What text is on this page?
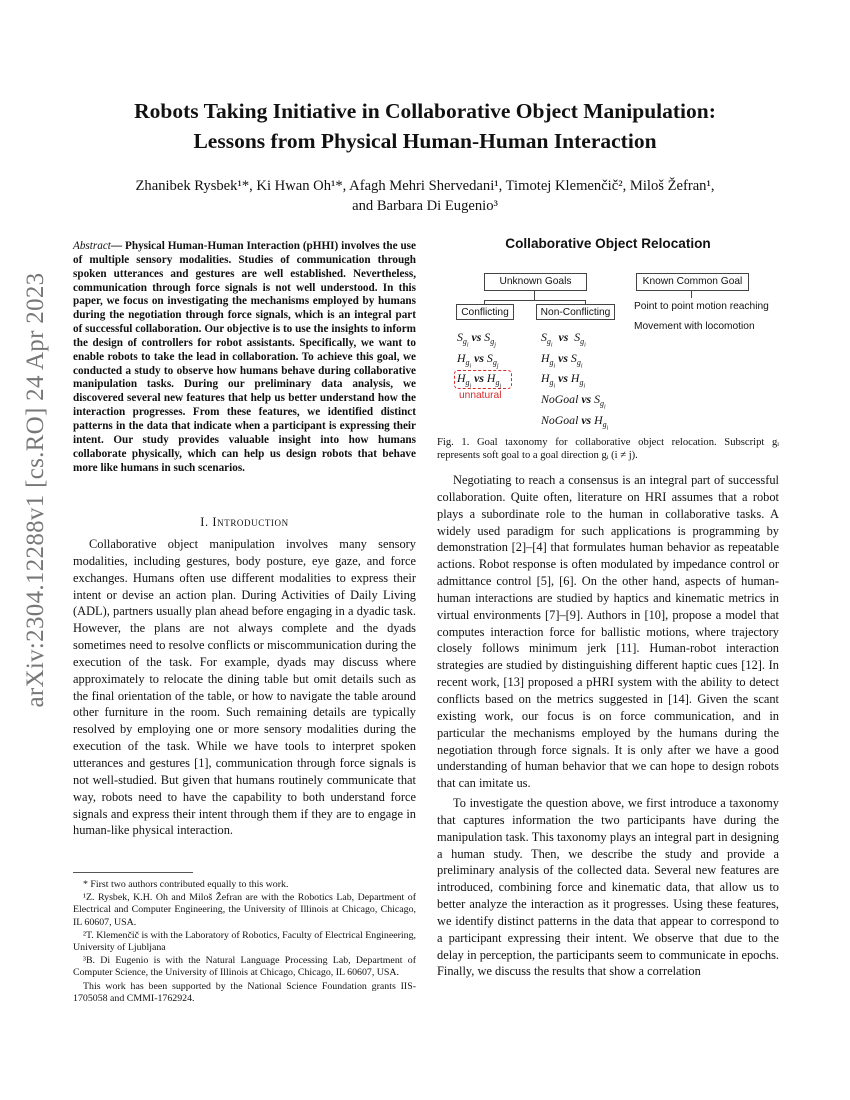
arXiv:2304.12288v1 [cs.RO] 24 Apr 2023
Robots Taking Initiative in Collaborative Object Manipulation:
Lessons from Physical Human-Human Interaction
Zhanibek Rysbek¹*, Ki Hwan Oh¹*, Afagh Mehri Shervedani¹, Timotej Klemenčič², Miloš Žefran¹,
and Barbara Di Eugenio³
Abstract— Physical Human-Human Interaction (pHHI) involves the use of multiple sensory modalities. Studies of communication through spoken utterances and gestures are well established. Nevertheless, communication through force signals is not well understood. In this paper, we focus on investigating the mechanisms employed by humans during the negotiation through force signals, which is an integral part of successful collaboration. Our objective is to use the insights to inform the design of controllers for robot assistants. Specifically, we want to enable robots to take the lead in collaboration. To achieve this goal, we conducted a study to observe how humans behave during collaborative manipulation tasks. During our preliminary data analysis, we discovered several new features that help us better understand how the interaction progresses. From these features, we identified distinct patterns in the data that indicate when a participant is expressing their intent. Our study provides valuable insight into how humans collaborate physically, which can help us design robots that behave more like humans in such scenarios.
I. Introduction

Collaborative object manipulation involves many sensory modalities, including gestures, body posture, eye gaze, and force exchanges. Humans often use different modalities to express their intent or devise an action plan. During Activities of Daily Living (ADL), partners usually plan ahead before engaging in a dyadic task. However, the plans are not always complete and the dyads sometimes need to resolve conflicts or miscommunication during the execution of the task. For example, dyads may discuss where approximately to relocate the dining table but omit details such as the final orientation of the table, or how to navigate the table around other furniture in the room. Such remaining details are typically resolved by employing one or more sensory modalities during the execution of the task. While we have tools to interpret spoken utterances and gestures [1], communication through force signals is not well-studied. But given that humans routinely communicate that way, robots need to have the capability to both understand force signals and express their intent through them if they are to engage in human-like physical interaction.

* First two authors contributed equally to this work.

¹Z. Rysbek, K.H. Oh and Miloš Žefran are with the Robotics Lab, Department of Electrical and Computer Engineering, the University of Illinois at Chicago, Chicago, IL 60607, USA.

²T. Klemenčič is with the Laboratory of Robotics, Faculty of Electrical Engineering, University of Ljubljana

³B. Di Eugenio is with the Natural Language Processing Lab, Department of Computer Science, the University of Illinois at Chicago, Chicago, IL 60607, USA.

This work has been supported by the National Science Foundation grants IIS-1705058 and CMMI-1762924.

Collaborative Object Relocation
Unknown Goals	Known Common Goal
Conflicting	Non-Conflicting
Point to point motion reaching
Movement with locomotion
$S_{g_i}$ vs $S_{g_j}$
$H_{g_i}$ vs $S_{g_j}$
$H_{g_i}$ vs $H_{g_j}$
unnatural
$S_{g_i}$  vs  $S_{g_i}$
$H_{g_i}$ vs $S_{g_i}$
$H_{g_i}$ vs $H_{g_i}$
NoGoal vs $S_{g_i}$
NoGoal vs $H_{g_i}$
Fig. 1. Goal taxonomy for collaborative object relocation. Subscript gᵢ represents soft goal to a goal direction gᵢ (i ≠ j).

Negotiating to reach a consensus is an integral part of successful collaboration. Quite often, literature on HRI assumes that a robot plays a subordinate role to the human in collaborative tasks. A widely used paradigm for such applications is programming by demonstration [2]–[4] that formulates human behavior as repeatable actions. Robot response is often modulated by impedance control or admittance control [5], [6]. On the other hand, aspects of human-human interactions are studied by haptics and kinematic metrics in virtual environments [7]–[9]. Authors in [10], propose a model that computes interaction force for ballistic motions, where trajectory closely follows minimum jerk [11]. Human-robot interaction strategies are studied by distinguishing different haptic cues [12]. In recent work, [13] proposed a pHRI system with the ability to detect conflicts based on the metrics suggested in [14]. Given the scant existing work, our focus is on force communication, and in particular the mechanisms employed by the humans during the negotiation through force signals. It is only after we have a good understanding of human behavior that we can hope to design robots that can imitate us.

To investigate the question above, we first introduce a taxonomy that captures information the two participants have during the manipulation task. This taxonomy plays an integral part in designing a human study. Then, we describe the study and provide a preliminary analysis of the collected data. Several new features are introduced, combining force and kinematic data, that allow us to better analyze the interaction as it progresses. Using these features, we identify distinct patterns in the data that appear to correspond to a participant expressing their intent. We observe that due to the delay in perception, the participants seem to communicate in epochs. Finally, we discuss the results that show a correlation
